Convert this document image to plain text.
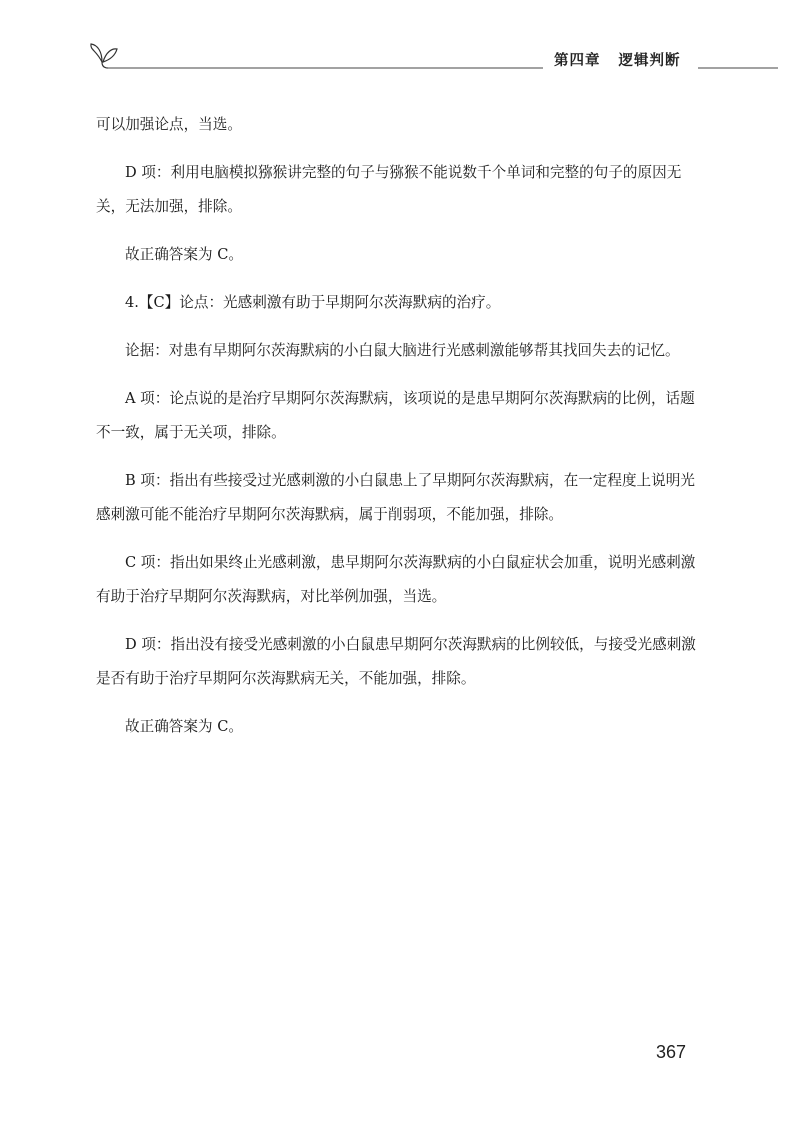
第四章 逻辑判断

可以加强论点，当选。

D 项：利用电脑模拟猕猴讲完整的句子与猕猴不能说数千个单词和完整的句子的原因无关，无法加强，排除。

故正确答案为 C。

4.【C】论点：光感刺激有助于早期阿尔茨海默病的治疗。

论据：对患有早期阿尔茨海默病的小白鼠大脑进行光感刺激能够帮其找回失去的记忆。

A 项：论点说的是治疗早期阿尔茨海默病，该项说的是患早期阿尔茨海默病的比例，话题不一致，属于无关项，排除。

B 项：指出有些接受过光感刺激的小白鼠患上了早期阿尔茨海默病，在一定程度上说明光感刺激可能不能治疗早期阿尔茨海默病，属于削弱项，不能加强，排除。

C 项：指出如果终止光感刺激，患早期阿尔茨海默病的小白鼠症状会加重，说明光感刺激有助于治疗早期阿尔茨海默病，对比举例加强，当选。

D 项：指出没有接受光感刺激的小白鼠患早期阿尔茨海默病的比例较低，与接受光感刺激是否有助于治疗早期阿尔茨海默病无关，不能加强，排除。

故正确答案为 C。

367
